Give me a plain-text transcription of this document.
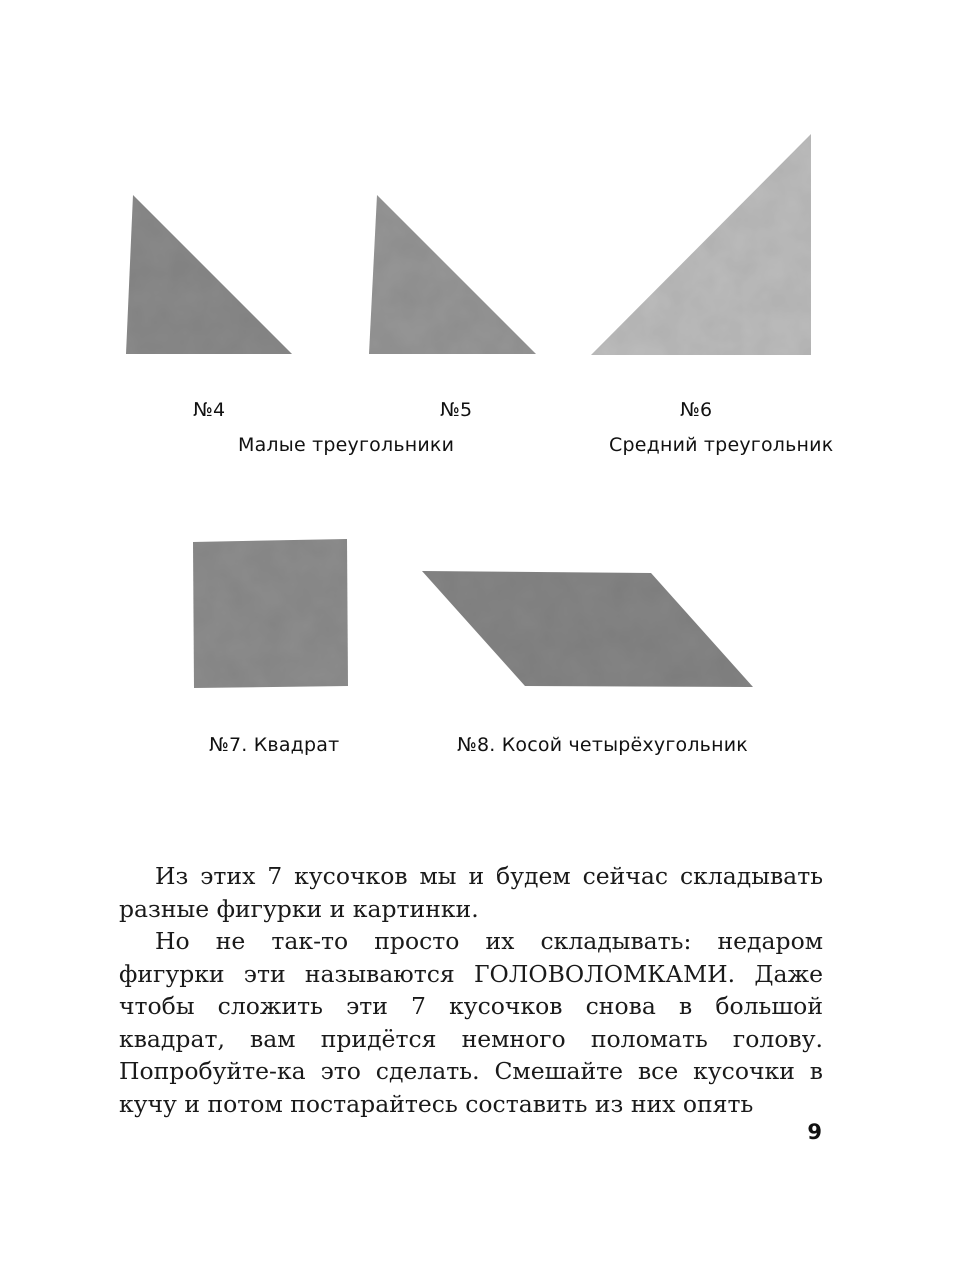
№4	№5	№6

Малые треугольники	Средний треугольник

№7. Квадрат	№8. Косой четырёхугольник

Из этих 7 кусочков мы и будем сейчас складывать разные фигурки и картинки.

Но не так-то просто их складывать: недаром фигурки эти называются ГОЛОВОЛОМКАМИ. Даже чтобы сложить эти 7 кусочков снова в большой квадрат, вам придётся немного поломать голову. Попробуйте-ка это сделать. Смешайте все кусочки в кучу и потом постарайтесь составить из них опять

9
